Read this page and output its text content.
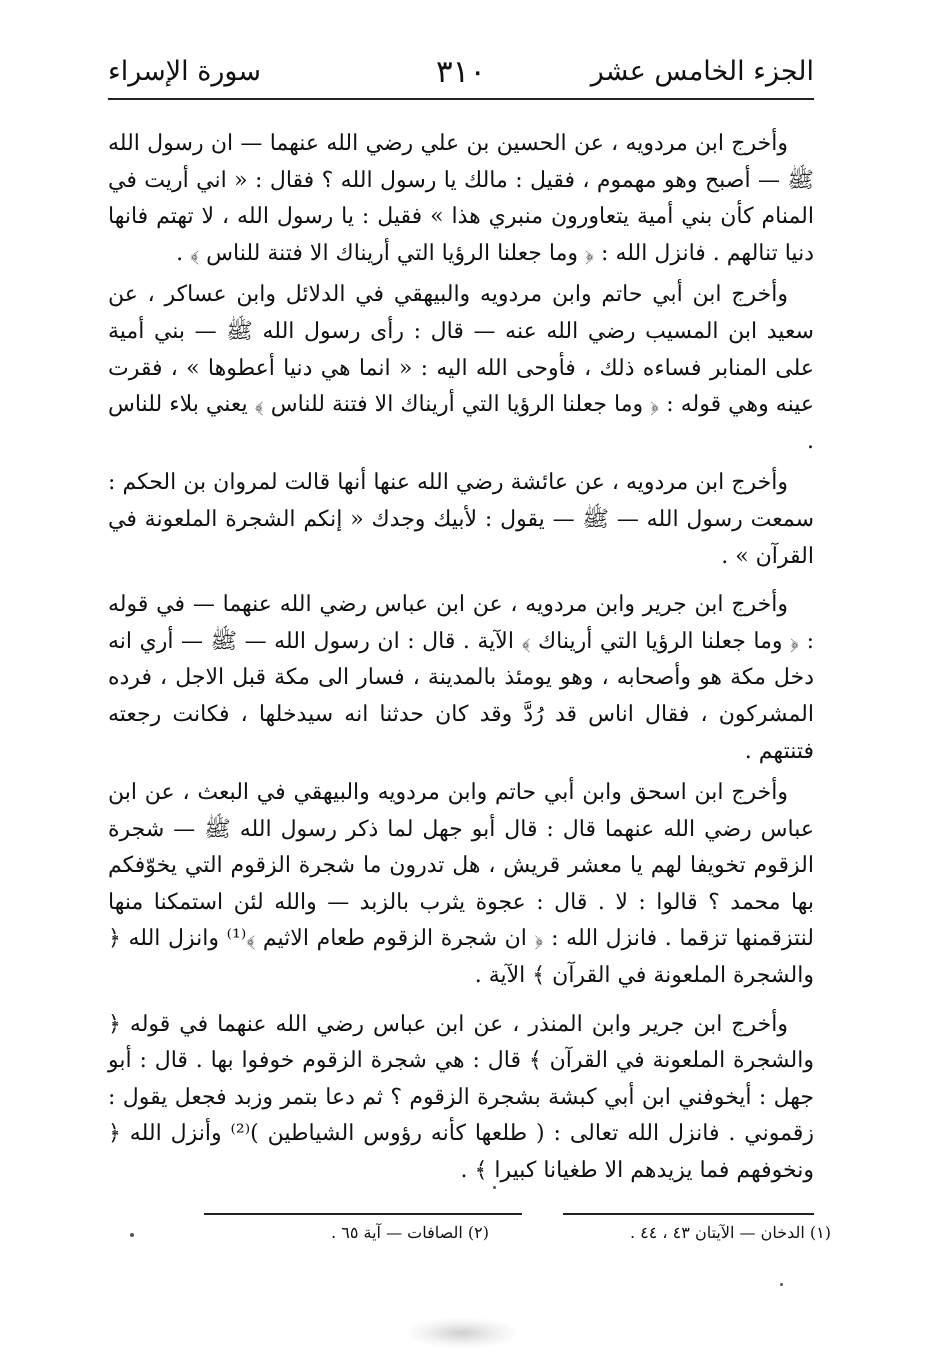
الجزء الخامس عشر
٣١٠
سورة الإسراء

وأخرج ابن مردويه ، عن الحسين بن علي رضي الله عنهما — ان رسول الله ﷺ — أصبح وهو مهموم ، فقيل : مالك يا رسول الله ؟ فقال : « اني أريت في المنام كأن بني أمية يتعاورون منبري هذا » فقيل : يا رسول الله ، لا تهتم فانها دنيا تنالهم . فانزل الله : ﴿ وما جعلنا الرؤيا التي أريناك الا فتنة للناس ﴾ .

وأخرج ابن أبي حاتم وابن مردويه والبيهقي في الدلائل وابن عساكر ، عن سعيد ابن المسيب رضي الله عنه — قال : رأى رسول الله ﷺ — بني أمية على المنابر فساءه ذلك ، فأوحى الله اليه : « انما هي دنيا أعطوها » ، فقرت عينه وهي قوله : ﴿ وما جعلنا الرؤيا التي أريناك الا فتنة للناس ﴾ يعني بلاء للناس .

وأخرج ابن مردويه ، عن عائشة رضي الله عنها أنها قالت لمروان بن الحكم : سمعت رسول الله — ﷺ — يقول : لأبيك وجدك « إنكم الشجرة الملعونة في القرآن » .

وأخرج ابن جرير وابن مردويه ، عن ابن عباس رضي الله عنهما — في قوله : ﴿ وما جعلنا الرؤيا التي أريناك ﴾ الآية . قال : ان رسول الله — ﷺ — أري انه دخل مكة هو وأصحابه ، وهو يومئذ بالمدينة ، فسار الى مكة قبل الاجل ، فرده المشركون ، فقال اناس قد رُدَّ وقد كان حدثنا انه سيدخلها ، فكانت رجعته فتنتهم .

وأخرج ابن اسحق وابن أبي حاتم وابن مردويه والبيهقي في البعث ، عن ابن عباس رضي الله عنهما قال : قال أبو جهل لما ذكر رسول الله ﷺ — شجرة الزقوم تخويفا لهم يا معشر قريش ، هل تدرون ما شجرة الزقوم التي يخوّفكم بها محمد ؟ قالوا : لا . قال : عجوة يثرب بالزبد — والله لئن استمكنا منها لنتزقمنها تزقما . فانزل الله : ﴿ ان شجرة الزقوم طعام الاثيم ﴾⁽¹⁾ وانزل الله ﴿ والشجرة الملعونة في القرآن ﴾ الآية .

وأخرج ابن جرير وابن المنذر ، عن ابن عباس رضي الله عنهما في قوله ﴿ والشجرة الملعونة في القرآن ﴾ قال : هي شجرة الزقوم خوفوا بها . قال : أبو جهل : أيخوفني ابن أبي كبشة بشجرة الزقوم ؟ ثم دعا بتمر وزبد فجعل يقول : زقموني . فانزل الله تعالى : ( طلعها كأنه رؤوس الشياطين )⁽²⁾ وأنزل الله ﴿ ونخوفهم فما يزيدهم الا طغيانا كبيرا ﴾ .

(١) الدخان — الآيتان ٤٣ ، ٤٤ .
(٢) الصافات — آية ٦٥ .
